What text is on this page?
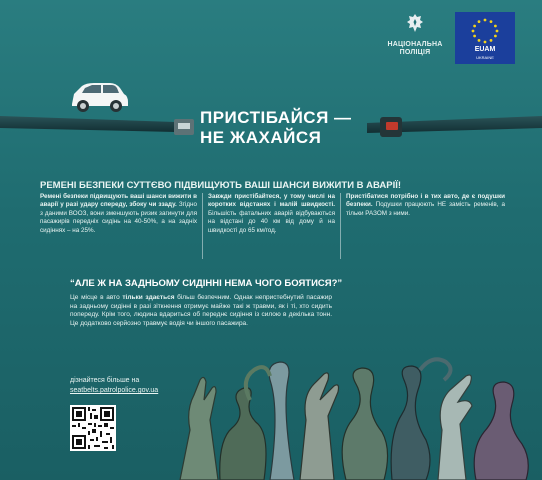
НАЦІОНАЛЬНА
ПОЛІЦІЯ	EUAM
UKRAINE
ПРИСТІБАЙСЯ —
НЕ ЖАХАЙСЯ
РЕМЕНІ БЕЗПЕКИ СУТТЄВО ПІДВИЩУЮТЬ ВАШІ ШАНСИ ВИЖИТИ В АВАРІЇ!
Ремені безпеки підвищують ваші шанси вижити в аварії у разі удару спереду, збоку чи ззаду. Згідно з даними ВООЗ, вони зменшують ризик загинути для пасажирів передніх сидінь на 40-50%, а на задніх сидіннях – на 25%.
Завжди пристібайтеся, у тому числі на коротких відстанях і малій швидкості. Більшість фатальних аварій відбуваються на відстані до 40 км від дому й на швидкості до 65 км/год.
Пристібатися потрібно і в тих авто, де є подушки безпеки. Подушки працюють НЕ замість ременів, а тільки РАЗОМ з ними.
“АЛЕ Ж НА ЗАДНЬОМУ СИДІННІ НЕМА ЧОГО БОЯТИСЯ?”
Це місце в авто тільки здається більш безпечним. Однак непристебнутий пасажир на задньому сидінні в разі зіткнення отримує майже такі ж травми, як і ті, хто сидить попереду. Крім того, людина вдариться об переднє сидіння із силою в декілька тонн. Це додатково серйозно травмує водія чи іншого пасажира.
дізнайтеся більше на
seatbelts.patrolpolice.gov.ua
